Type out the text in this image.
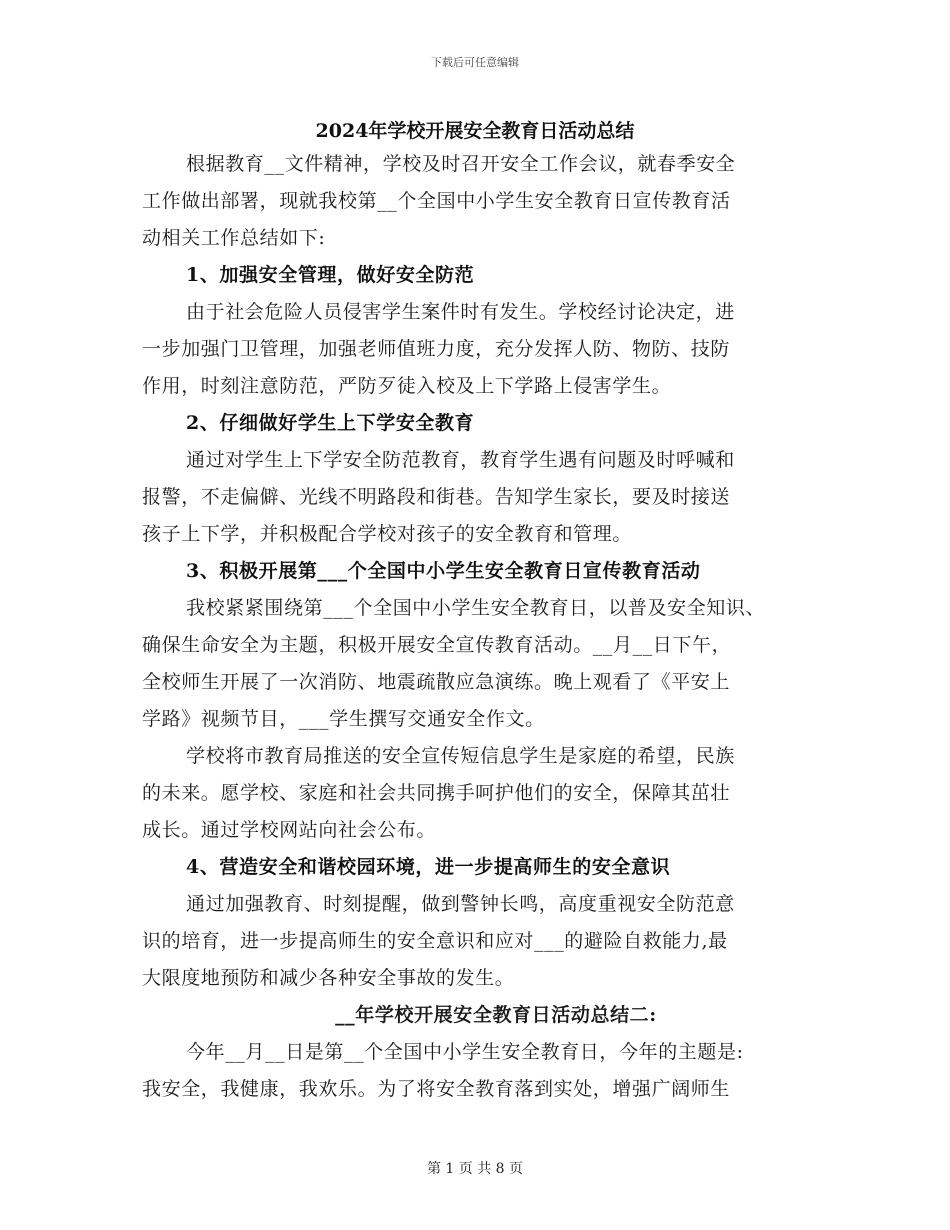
下载后可任意编辑
2024年学校开展安全教育日活动总结
根据教育__文件精神，学校及时召开安全工作会议，就春季安全
工作做出部署，现就我校第__个全国中小学生安全教育日宣传教育活
动相关工作总结如下:
1、加强安全管理，做好安全防范
由于社会危险人员侵害学生案件时有发生。学校经讨论决定，进
一步加强门卫管理，加强老师值班力度，充分发挥人防、物防、技防
作用，时刻注意防范，严防歹徒入校及上下学路上侵害学生。
2、仔细做好学生上下学安全教育
通过对学生上下学安全防范教育，教育学生遇有问题及时呼喊和
报警，不走偏僻、光线不明路段和街巷。告知学生家长，要及时接送
孩子上下学，并积极配合学校对孩子的安全教育和管理。
3、积极开展第___个全国中小学生安全教育日宣传教育活动
我校紧紧围绕第___个全国中小学生安全教育日，以普及安全知识、
确保生命安全为主题，积极开展安全宣传教育活动。__月__日下午，
全校师生开展了一次消防、地震疏散应急演练。晚上观看了《平安上
学路》视频节目，___学生撰写交通安全作文。
学校将市教育局推送的安全宣传短信息学生是家庭的希望，民族
的未来。愿学校、家庭和社会共同携手呵护他们的安全，保障其茁壮
成长。通过学校网站向社会公布。
4、营造安全和谐校园环境，进一步提高师生的安全意识
通过加强教育、时刻提醒，做到警钟长鸣，高度重视安全防范意
识的培育，进一步提高师生的安全意识和应对___的避险自救能力,最
大限度地预防和减少各种安全事故的发生。
__年学校开展安全教育日活动总结二:
今年__月__日是第__个全国中小学生安全教育日，今年的主题是:
我安全，我健康，我欢乐。为了将安全教育落到实处，增强广阔师生
第 1 页 共 8 页
